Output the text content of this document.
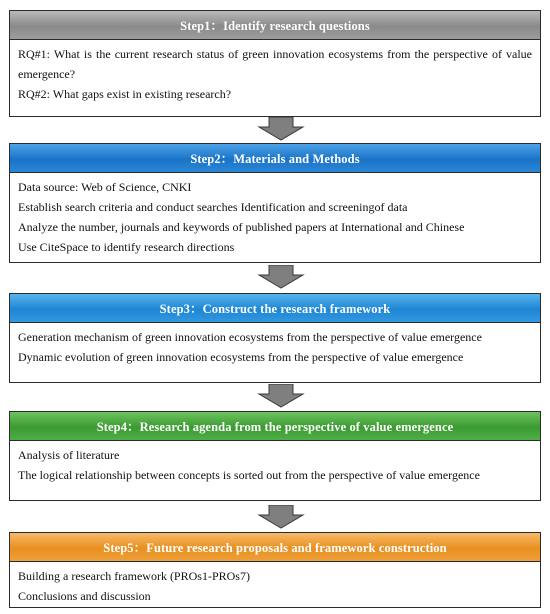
Step1：Identify research questions
RQ#1: What is the current research status of green innovation ecosystems from the perspective of value emergence?
RQ#2: What gaps exist in existing research?
Step2：Materials and Methods
Data source: Web of Science, CNKI
Establish search criteria and conduct searches Identification and screeningof data
Analyze the number, journals and keywords of published papers at International and Chinese
Use CiteSpace to identify research directions
Step3：Construct the research framework
Generation mechanism of green innovation ecosystems from the perspective of value emergence
Dynamic evolution of green innovation ecosystems from the perspective of value emergence
Step4：Research agenda from the perspective of value emergence
Analysis of literature
The logical relationship between concepts is sorted out from the perspective of value emergence
Step5：Future research proposals and framework construction
Building a research framework (PROs1-PROs7)
Conclusions and discussion
